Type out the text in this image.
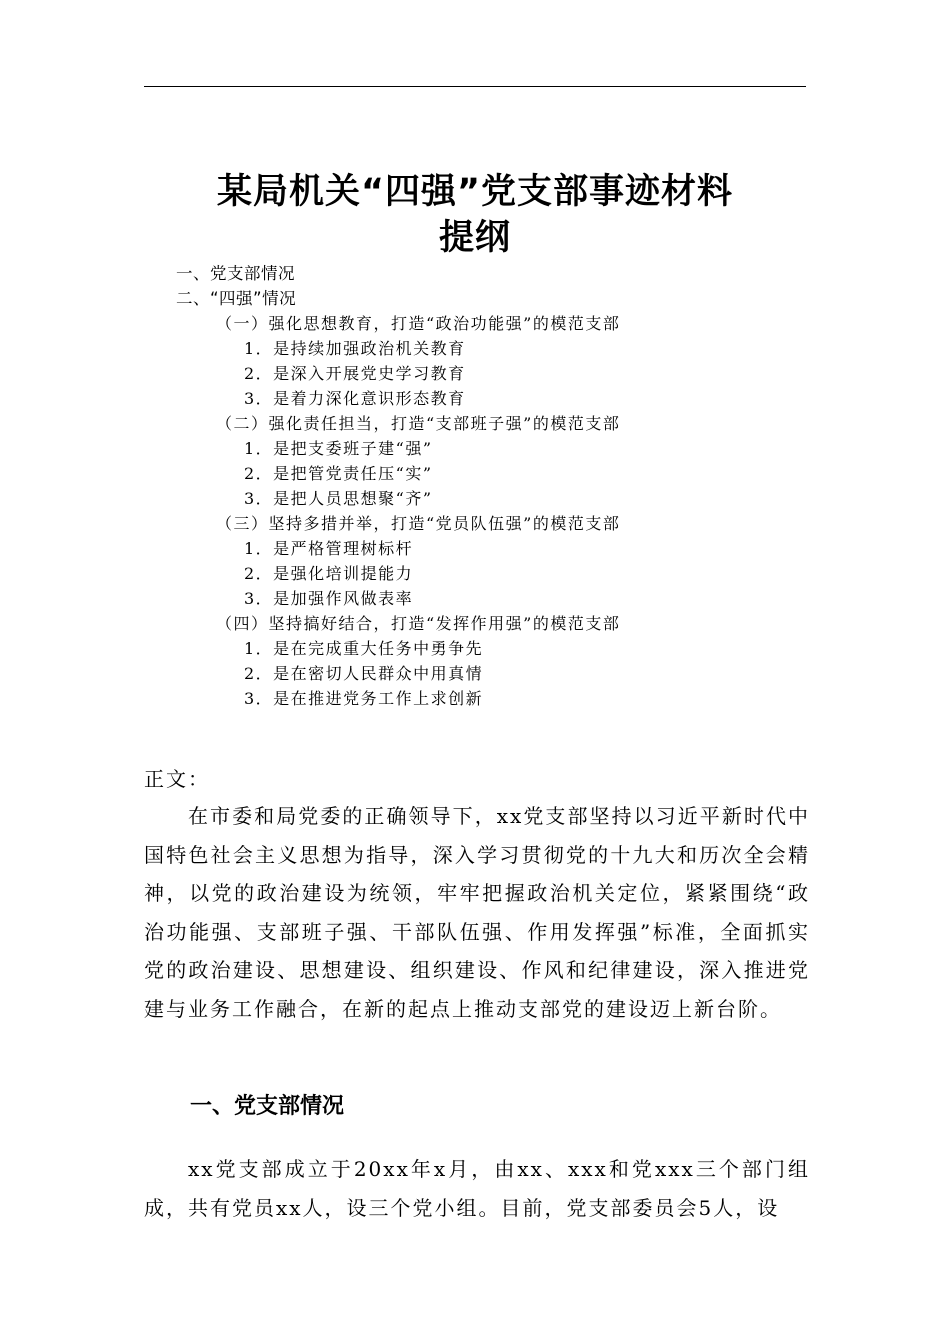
某局机关“四强”党支部事迹材料
提纲
一、党支部情况
二、“四强”情况
（一）强化思想教育，打造“政治功能强”的模范支部
1．是持续加强政治机关教育
2．是深入开展党史学习教育
3．是着力深化意识形态教育
（二）强化责任担当，打造“支部班子强”的模范支部
1．是把支委班子建“强”
2．是把管党责任压“实”
3．是把人员思想聚“齐”
（三）坚持多措并举，打造“党员队伍强”的模范支部
1．是严格管理树标杆
2．是强化培训提能力
3．是加强作风做表率
（四）坚持搞好结合，打造“发挥作用强”的模范支部
1．是在完成重大任务中勇争先
2．是在密切人民群众中用真情
3．是在推进党务工作上求创新
正文：

在市委和局党委的正确领导下，xx党支部坚持以习近平新时代中国特色社会主义思想为指导，深入学习贯彻党的十九大和历次全会精神，以党的政治建设为统领，牢牢把握政治机关定位，紧紧围绕“政治功能强、支部班子强、干部队伍强、作用发挥强”标准，全面抓实党的政治建设、思想建设、组织建设、作风和纪律建设，深入推进党建与业务工作融合，在新的起点上推动支部党的建设迈上新台阶。

一、党支部情况

xx党支部成立于20xx年x月，由xx、xxx和党xxx三个部门组成，共有党员xx人，设三个党小组。目前，党支部委员会5人，设
